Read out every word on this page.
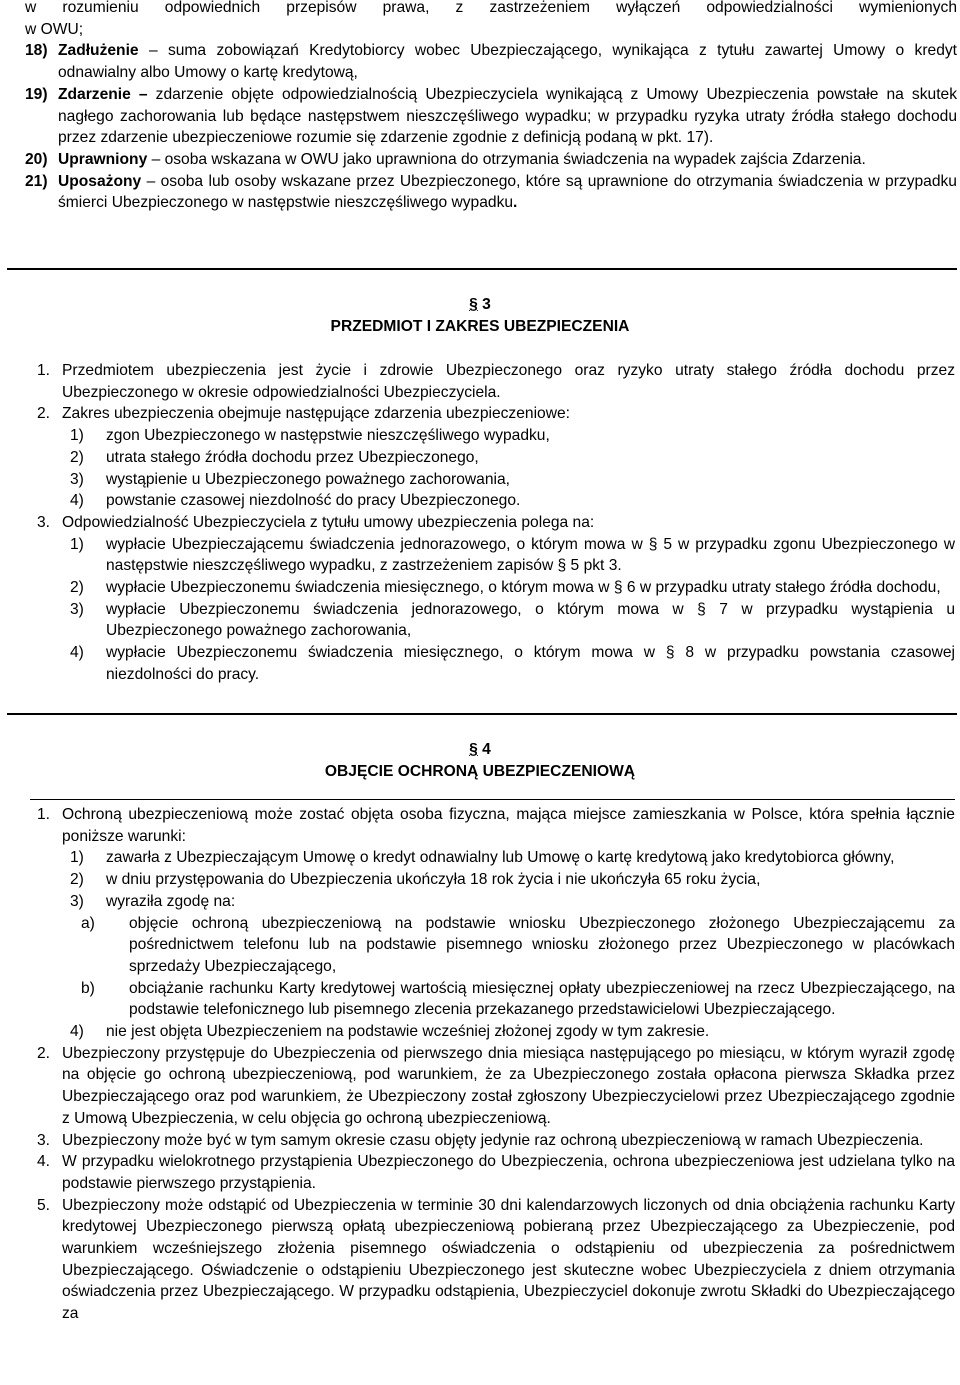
w rozumieniu odpowiednich przepisów prawa, z zastrzeżeniem wyłączeń odpowiedzialności wymienionych
w OWU;
18) Zadłużenie – suma zobowiązań Kredytobiorcy wobec Ubezpieczającego, wynikająca z tytułu zawartej Umowy o kredyt odnawialny albo Umowy o kartę kredytową,
19) Zdarzenie – zdarzenie objęte odpowiedzialnością Ubezpieczyciela wynikającą z Umowy Ubezpieczenia powstałe na skutek nagłego zachorowania lub będące następstwem nieszczęśliwego wypadku; w przypadku ryzyka utraty źródła stałego dochodu przez zdarzenie ubezpieczeniowe rozumie się zdarzenie zgodnie z definicją podaną w pkt. 17).
20) Uprawniony – osoba wskazana w OWU jako uprawniona do otrzymania świadczenia na wypadek zajścia Zdarzenia.
21) Uposażony – osoba lub osoby wskazane przez Ubezpieczonego, które są uprawnione do otrzymania świadczenia w przypadku śmierci Ubezpieczonego w następstwie nieszczęśliwego wypadku.
§ 3
PRZEDMIOT I ZAKRES UBEZPIECZENIA
1. Przedmiotem ubezpieczenia jest życie i zdrowie Ubezpieczonego oraz ryzyko utraty stałego źródła dochodu przez Ubezpieczonego w okresie odpowiedzialności Ubezpieczyciela.
2. Zakres ubezpieczenia obejmuje następujące zdarzenia ubezpieczeniowe:
1) zgon Ubezpieczonego w następstwie nieszczęśliwego wypadku,
2) utrata stałego źródła dochodu przez Ubezpieczonego,
3) wystąpienie u Ubezpieczonego poważnego zachorowania,
4) powstanie czasowej niezdolność do pracy Ubezpieczonego.
3. Odpowiedzialność Ubezpieczyciela z tytułu umowy ubezpieczenia polega na:
1) wypłacie Ubezpieczającemu świadczenia jednorazowego, o którym mowa w § 5 w przypadku zgonu Ubezpieczonego w następstwie nieszczęśliwego wypadku, z zastrzeżeniem zapisów § 5 pkt 3.
2) wypłacie Ubezpieczonemu świadczenia miesięcznego, o którym mowa w § 6 w przypadku utraty stałego źródła dochodu,
3) wypłacie Ubezpieczonemu świadczenia jednorazowego, o którym mowa w § 7 w przypadku wystąpienia u Ubezpieczonego poważnego zachorowania,
4) wypłacie Ubezpieczonemu świadczenia miesięcznego, o którym mowa w § 8 w przypadku powstania czasowej niezdolności do pracy.
§ 4
OBJĘCIE OCHRONĄ UBEZPIECZENIOWĄ
1. Ochroną ubezpieczeniową może zostać objęta osoba fizyczna, mająca miejsce zamieszkania w Polsce, która spełnia łącznie poniższe warunki:
1) zawarła z Ubezpieczającym Umowę o kredyt odnawialny lub Umowę o kartę kredytową jako kredytobiorca główny,
2) w dniu przystępowania do Ubezpieczenia ukończyła 18 rok życia i nie ukończyła 65 roku życia,
3) wyraziła zgodę na:
a) objęcie ochroną ubezpieczeniową na podstawie wniosku Ubezpieczonego złożonego Ubezpieczającemu za pośrednictwem telefonu lub na podstawie pisemnego wniosku złożonego przez Ubezpieczonego w placówkach sprzedaży Ubezpieczającego,
b) obciążanie rachunku Karty kredytowej wartością miesięcznej opłaty ubezpieczeniowej na rzecz Ubezpieczającego, na podstawie telefonicznego lub pisemnego zlecenia przekazanego przedstawicielowi Ubezpieczającego.
4) nie jest objęta Ubezpieczeniem na podstawie wcześniej złożonej zgody w tym zakresie.
2. Ubezpieczony przystępuje do Ubezpieczenia od pierwszego dnia miesiąca następującego po miesiącu, w którym wyraził zgodę na objęcie go ochroną ubezpieczeniową, pod warunkiem, że za Ubezpieczonego została opłacona pierwsza Składka przez Ubezpieczającego oraz pod warunkiem, że Ubezpieczony został zgłoszony Ubezpieczycielowi przez Ubezpieczającego zgodnie z Umową Ubezpieczenia, w celu objęcia go ochroną ubezpieczeniową.
3. Ubezpieczony może być w tym samym okresie czasu objęty jedynie raz ochroną ubezpieczeniową w ramach Ubezpieczenia.
4. W przypadku wielokrotnego przystąpienia Ubezpieczonego do Ubezpieczenia, ochrona ubezpieczeniowa jest udzielana tylko na podstawie pierwszego przystąpienia.
5. Ubezpieczony może odstąpić od Ubezpieczenia w terminie 30 dni kalendarzowych liczonych od dnia obciążenia rachunku Karty kredytowej Ubezpieczonego pierwszą opłatą ubezpieczeniową pobieraną przez Ubezpieczającego za Ubezpieczenie, pod warunkiem wcześniejszego złożenia pisemnego oświadczenia o odstąpieniu od ubezpieczenia za pośrednictwem Ubezpieczającego. Oświadczenie o odstąpieniu Ubezpieczonego jest skuteczne wobec Ubezpieczyciela z dniem otrzymania oświadczenia przez Ubezpieczającego. W przypadku odstąpienia, Ubezpieczyciel dokonuje zwrotu Składki do Ubezpieczającego za
